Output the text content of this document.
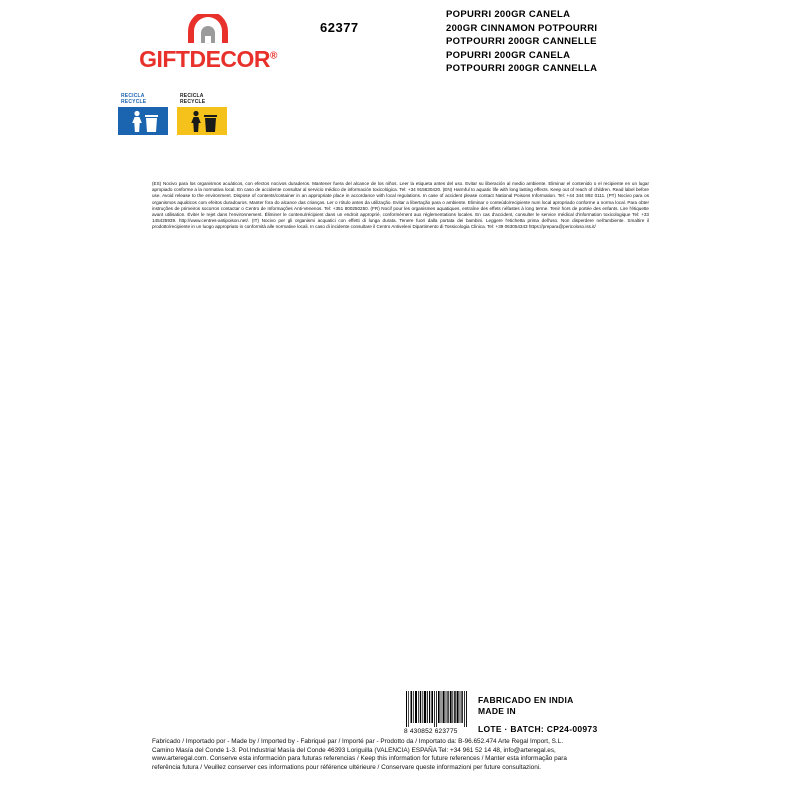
GIFTDECOR®
62377
POPURRI 200GR CANELA
200GR CINNAMON POTPOURRI
POTPOURRI 200GR CANNELLE
POPURRI 200GR CANELA
POTPOURRI 200GR CANNELLA
RECICLA
RECYCLE
RECICLA
RECYCLE
(ES) Nocivo para los organismos acuáticos, con efectos nocivos duraderos. Mantener fuera del alcance de los niños. Leer la etiqueta antes del uso. Evitar su liberación al medio ambiente. Eliminar el contenido o el recipiente en un lugar apropiado conforme a la normativa local. En caso de accidente consultar al servicio médico de información toxicológica. Tel: +34 915630420. (EN) Harmful to aquatic life with long lasting effects. Keep out of reach of children. Read label before use. Avoid release to the environment. Dispose of contents/container in an appropriate place in accordance with local regulations. In case of accident please contact National Poisons Information. Tel: +44 344 892 0111. (PT) Nocivo para os organismos aquáticos com efeitos duradouros. Manter fora do alcance das crianças. Ler o rótulo antes da utilização. Evitar a libertação para o ambiente. Eliminar o conteúdo/recipiente num local apropriado conforme a norma local. Para obter instruções de primeiros socorros contactar o Centro de Informações Anti-Venenos. Tel: +351 800250250. (FR) Nocif pour les organismes aquatiques, entraîne des effets néfastes à long terme. Tenir hors de portée des enfants. Lire l'étiquette avant utilisation. Éviter le rejet dans l'environnement. Éliminer le contenu/récipient dans un endroit approprié, conformément aux réglementations locales. En cas d'accident, consulter le service médical d'information toxicologique Tel: +33 145425939. http://www.centres-antipoison.net/. (IT) Nocivo per gli organismi acquatici con effetti di lunga durata. Tenere fuori dalla portata dei bambini. Leggere l'etichetta prima dell'uso. Non disperdere nell'ambiente. Smaltire il prodotto/recipiente in un luogo appropriato in conformità alle normative locali. In caso di incidente consultare il Centro Antiveleni Dipartimento di Tossicologia Clinica. Tel: +39 063054343 https://prepara@pericoloso.iss.it/
8 430852 623775
FABRICADO EN INDIA
MADE IN
LOTE · BATCH: CP24-00973

Fabricado / Importado por - Made by / Imported by - Fabriqué par / Importé par - Prodotto da / Importato da: B-96.652.474 Arte Regal Import, S.L.

Camino Masía del Conde 1-3. Pol.Industrial Masía del Conde 46393 Loriguilla (VALENCIA) ESPAÑA Tel: +34 961 52 14 48, info@arteregal.es,

www.arteregal.com. Conserve esta información para futuras referencias / Keep this information for future references / Manter esta informação para

referência futura / Veuillez conserver ces informations pour référence ultérieure / Conservare queste informazioni per future consultazioni.
